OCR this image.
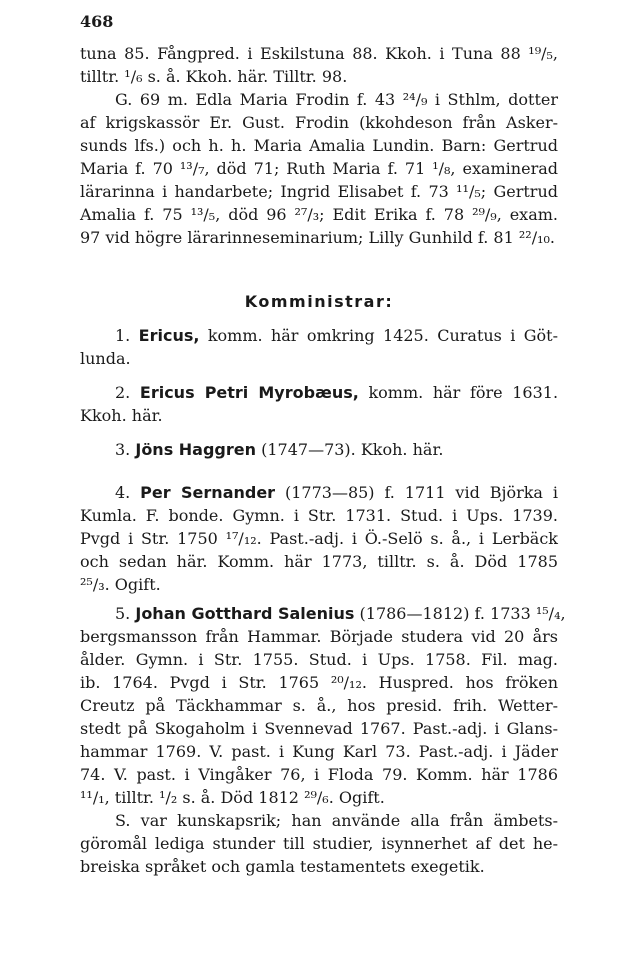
468
tuna 85. Fångpred. i Eskilstuna 88. Kkoh. i Tuna 88 ¹⁹/₅,
tilltr. ¹/₆ s. å. Kkoh. här. Tilltr. 98.
G. 69 m. Edla Maria Frodin f. 43 ²⁴/₉ i Sthlm, dotter
af krigskassör Er. Gust. Frodin (kkohdeson från Asker-
sunds lfs.) och h. h. Maria Amalia Lundin. Barn: Gertrud
Maria f. 70 ¹³/₇, död 71; Ruth Maria f. 71 ¹/₈, examinerad
lärarinna i handarbete; Ingrid Elisabet f. 73 ¹¹/₅; Gertrud
Amalia f. 75 ¹³/₅, död 96 ²⁷/₃; Edit Erika f. 78 ²⁹/₉, exam.
97 vid högre lärarinneseminarium; Lilly Gunhild f. 81 ²²/₁₀.
Komministrar:
1. Ericus, komm. här omkring 1425. Curatus i Göt-
lunda.
2. Ericus Petri Myrobæus, komm. här före 1631.
Kkoh. här.
3. Jöns Haggren (1747—73). Kkoh. här.
4. Per Sernander (1773—85) f. 1711 vid Björka i
Kumla. F. bonde. Gymn. i Str. 1731. Stud. i Ups. 1739.
Pvgd i Str. 1750 ¹⁷/₁₂. Past.-adj. i Ö.-Selö s. å., i Lerbäck
och sedan här. Komm. här 1773, tilltr. s. å. Död 1785
²⁵/₃. Ogift.
5. Johan Gotthard Salenius (1786—1812) f. 1733 ¹⁵/₄,
bergsmansson från Hammar. Började studera vid 20 års
ålder. Gymn. i Str. 1755. Stud. i Ups. 1758. Fil. mag.
ib. 1764. Pvgd i Str. 1765 ²⁰/₁₂. Huspred. hos fröken
Creutz på Täckhammar s. å., hos presid. frih. Wetter-
stedt på Skogaholm i Svennevad 1767. Past.-adj. i Glans-
hammar 1769. V. past. i Kung Karl 73. Past.-adj. i Jäder
74. V. past. i Vingåker 76, i Floda 79. Komm. här 1786
¹¹/₁, tilltr. ¹/₂ s. å. Död 1812 ²⁹/₆. Ogift.
S. var kunskapsrik; han använde alla från ämbets-
göromål lediga stunder till studier, isynnerhet af det he-
breiska språket och gamla testamentets exegetik.
